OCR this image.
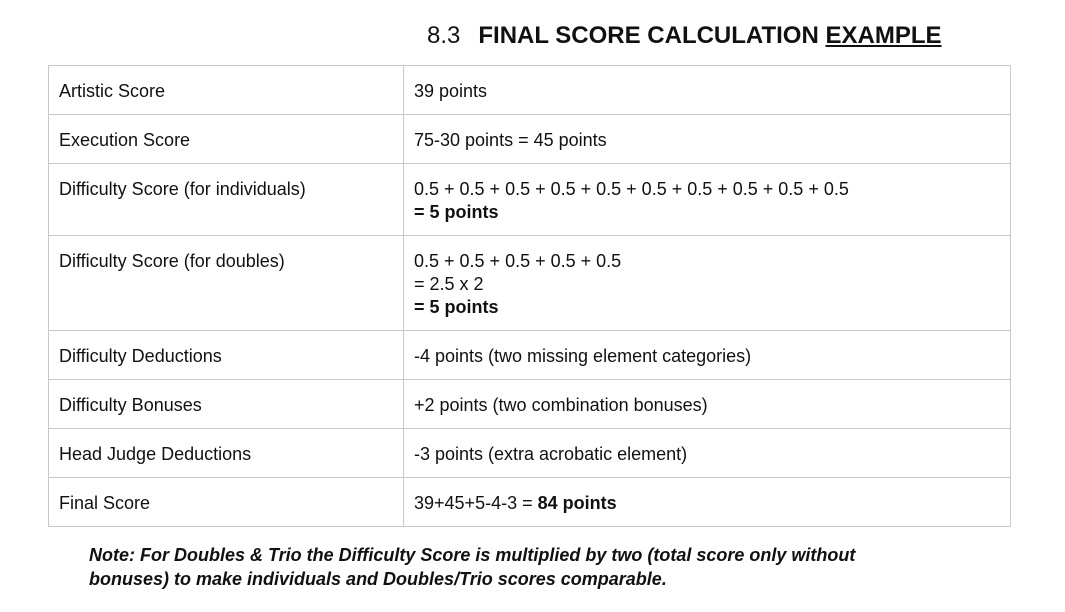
8.3 FINAL SCORE CALCULATION EXAMPLE
Artistic Score	39 points

Execution Score	75-30 points = 45 points

Difficulty Score (for individuals)	0.5 + 0.5 + 0.5 + 0.5 + 0.5 + 0.5 + 0.5 + 0.5 + 0.5 + 0.5
= 5 points

Difficulty Score (for doubles)	0.5 + 0.5 + 0.5 + 0.5 + 0.5
= 2.5 x 2
= 5 points

Difficulty Deductions	-4 points (two missing element categories)

Difficulty Bonuses	+2 points (two combination bonuses)

Head Judge Deductions	-3 points (extra acrobatic element)

Final Score	39+45+5-4-3 = 84 points
Note: For Doubles & Trio the Difficulty Score is multiplied by two (total score only without
bonuses) to make individuals and Doubles/Trio scores comparable.
